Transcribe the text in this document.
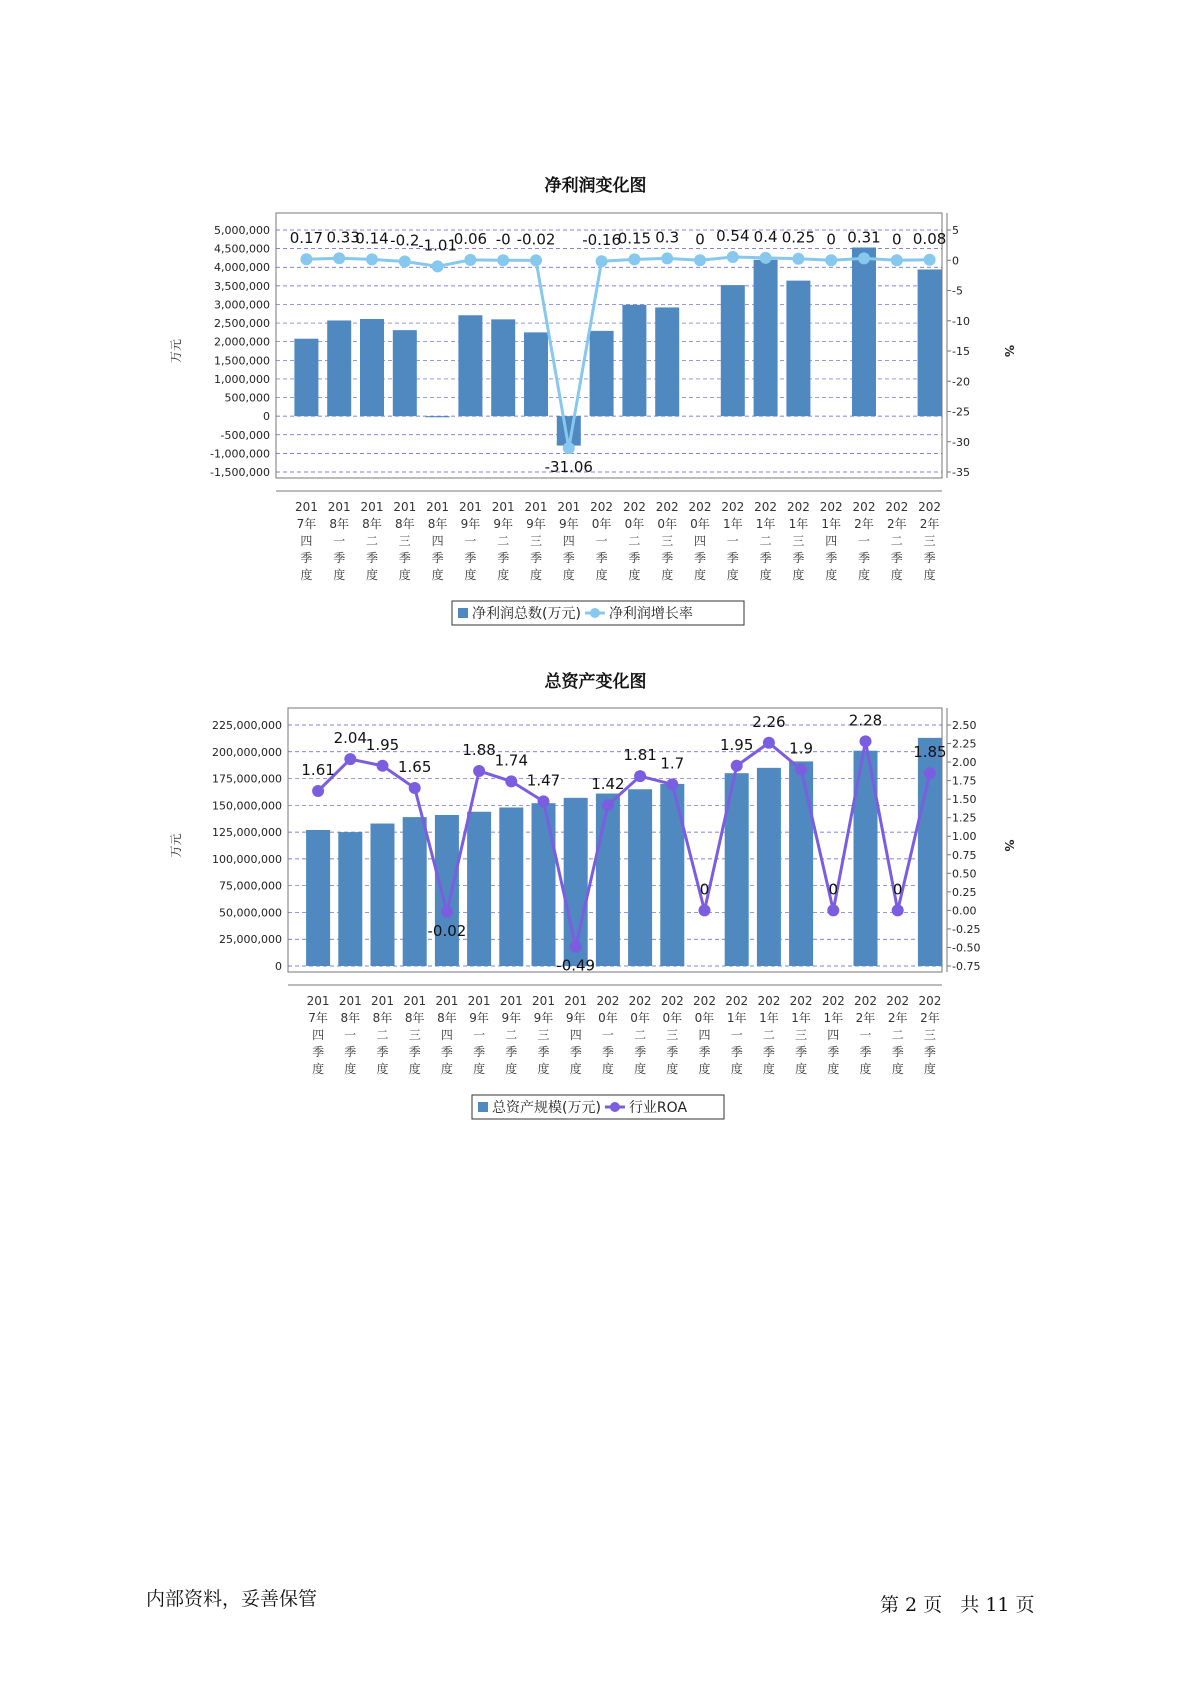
净利润变化图
5,000,000
4,500,000
4,000,000
3,500,000
3,000,000
2,500,000
2,000,000
1,500,000
1,000,000
500,000
0
-500,000
-1,000,000
-1,500,000
5
0
-5
-10
-15
-20
-25
-30
-35
万元	%
0.17 0.33
0.14 -0.2
-1.01
0.06 -0 -0.02
-31.06
-0.16
0.15 0.3 0 0.54 0.4 0.25 0 0.31 0 0.08
201 7年四季度
201 8年一季度
201 8年二季度
201 8年三季度
201 8年四季度
201 9年一季度
201 9年二季度
201 9年三季度
201 9年四季度
202 0年一季度
202 0年二季度
202 0年三季度
202 0年四季度
202 1年一季度
202 1年二季度
202 1年三季度
202 1年四季度
202 2年一季度
202 2年二季度
202 2年三季度
净利润总数(万元) 净利润增长率
总资产变化图
225,000,000
200,000,000
175,000,000
150,000,000
125,000,000
100,000,000
75,000,000
50,000,000
25,000,000
0
2.50
2.25
2.00
1.75
1.50
1.25
1.00
0.75
0.50
0.25
0.00
-0.25
-0.50
-0.75
万元	%
1.61
2.04
1.95
1.65
-0.02
1.88
1.74
1.47
-0.49
1.42
1.81 1.7
0
1.95
2.26
1.9
0
2.28
0
1.85
201 7年四季度
201 8年一季度
201 8年二季度
201 8年三季度
201 8年四季度
201 9年一季度
201 9年二季度
201 9年三季度
201 9年四季度
202 0年一季度
202 0年二季度
202 0年三季度
202 0年四季度
202 1年一季度
202 1年二季度
202 1年三季度
202 1年四季度
202 2年一季度
202 2年二季度
202 2年三季度
总资产规模(万元) 行业ROA
内部资料，妥善保管	第 2 页   共 11 页
